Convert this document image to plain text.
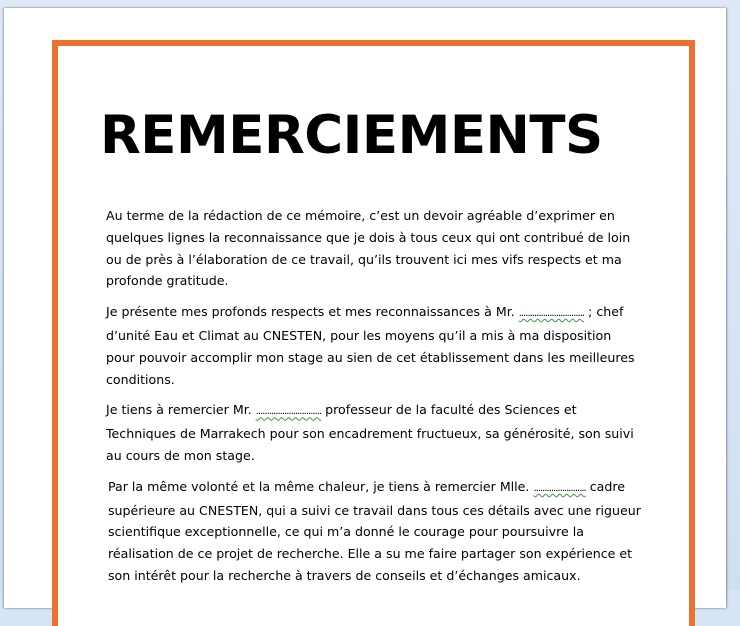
REMERCIEMENTS

Au terme de la rédaction de ce mémoire, c’est un devoir agréable d’exprimer en quelques lignes la reconnaissance que je dois à tous ceux qui ont contribué de loin ou de près à l’élaboration de ce travail, qu’ils trouvent ici mes vifs respects et ma profonde gratitude.

Je présente mes profonds respects et mes reconnaissances à Mr. .............................. ; chef d’unité Eau et Climat au CNESTEN, pour les moyens qu’il a mis à ma disposition pour pouvoir accomplir mon stage au sien de cet établissement dans les meilleures conditions.

Je tiens à remercier Mr. .............................. professeur de la faculté des Sciences et Techniques de Marrakech pour son encadrement fructueux, sa générosité, son suivi au cours de mon stage.

Par la même volonté et la même chaleur, je tiens à remercier Mlle. ........................ cadre supérieure au CNESTEN, qui a suivi ce travail dans tous ces détails avec une rigueur scientifique exceptionnelle, ce qui m’a donné le courage pour poursuivre la réalisation de ce projet de recherche. Elle a su me faire partager son expérience et son intérêt pour la recherche à travers de conseils et d’échanges amicaux.
